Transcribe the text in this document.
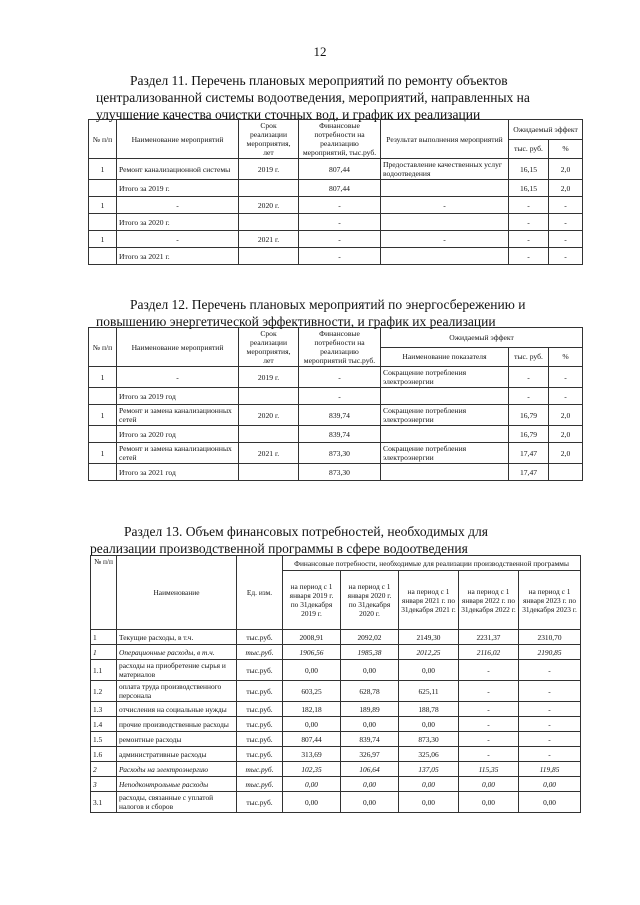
12
Раздел 11. Перечень плановых мероприятий по ремонту объектов
централизованной системы водоотведения, мероприятий, направленных на
улучшение качества очистки сточных вод, и график их реализации
№ п/п	Наименование мероприятий	Срок реализации мероприятия, лет	Финансовые потребности на реализацию мероприятий, тыс.руб.	Результат выполнения мероприятий	Ожидаемый эффект	
					тыс. руб.	%
1	Ремонт канализационной системы	2019 г.	807,44	Предоставление качественных услуг водоотведения	16,15	2,0
	Итого за 2019 г.		807,44		16,15	2,0
1	-	2020 г.	-	-	-	-
	Итого за 2020 г.		-		-	-
1	-	2021 г.	-	-	-	-
	Итого за 2021 г.		-		-	-
Раздел 12. Перечень плановых мероприятий по энергосбережению и
повышению энергетической эффективности, и график их реализации
№ п/п	Наименование мероприятий	Срок реализации мероприятия, лет	Финансовые потребности на реализацию мероприятий тыс.руб.	Ожидаемый эффект		
				Наименование показателя	тыс. руб.	%
1	-	2019 г.	-	Сокращение потребления электроэнергии	-	-
	Итого за 2019 год		-		-	-
1	Ремонт и замена канализационных сетей	2020 г.	839,74	Сокращение потребления электроэнергии	16,79	2,0
	Итого за 2020 год		839,74		16,79	2,0
1	Ремонт и замена канализационных сетей	2021 г.	873,30	Сокращение потребления электроэнергии	17,47	2,0
	Итого за 2021 год		873,30		17,47	
Раздел 13. Объем финансовых потребностей, необходимых для
реализации производственной программы в сфере водоотведения
№ п/п	Наименование	Ед. изм.	Финансовые потребности, необходимые для реализации производственной программы				
			на период с 1 января 2019 г. по 31декабря 2019 г.	на период с 1 января 2020 г. по 31декабря 2020 г.	на период с 1 января 2021 г. по 31декабря 2021 г.	на период с 1 января 2022 г. по 31декабря 2022 г.	на период с 1 января 2023 г. по 31декабря 2023 г.
1	Текущие расходы, в т.ч.	тыс.руб.	2008,91	2092,02	2149,30	2231,37	2310,70
1	Операционные расходы, в т.ч.	тыс.руб.	1906,56	1985,38	2012,25	2116,02	2190,85
1.1	расходы на приобретение сырья и материалов	тыс.руб.	0,00	0,00	0,00	-	-
1.2	оплата труда производственного персонала	тыс.руб.	603,25	628,78	625,11	-	-
1.3	отчисления на социальные нужды	тыс.руб.	182,18	189,89	188,78	-	-
1.4	прочие производственные расходы	тыс.руб.	0,00	0,00	0,00	-	-
1.5	ремонтные расходы	тыс.руб.	807,44	839,74	873,30	-	-
1.6	административные расходы	тыс.руб.	313,69	326,97	325,06	-	-
2	Расходы на электроэнергию	тыс.руб.	102,35	106,64	137,05	115,35	119,85
3	Неподконтрольные расходы	тыс.руб.	0,00	0,00	0,00	0,00	0,00
3.1	расходы, связанные с уплатой налогов и сборов	тыс.руб.	0,00	0,00	0,00	0,00	0,00
